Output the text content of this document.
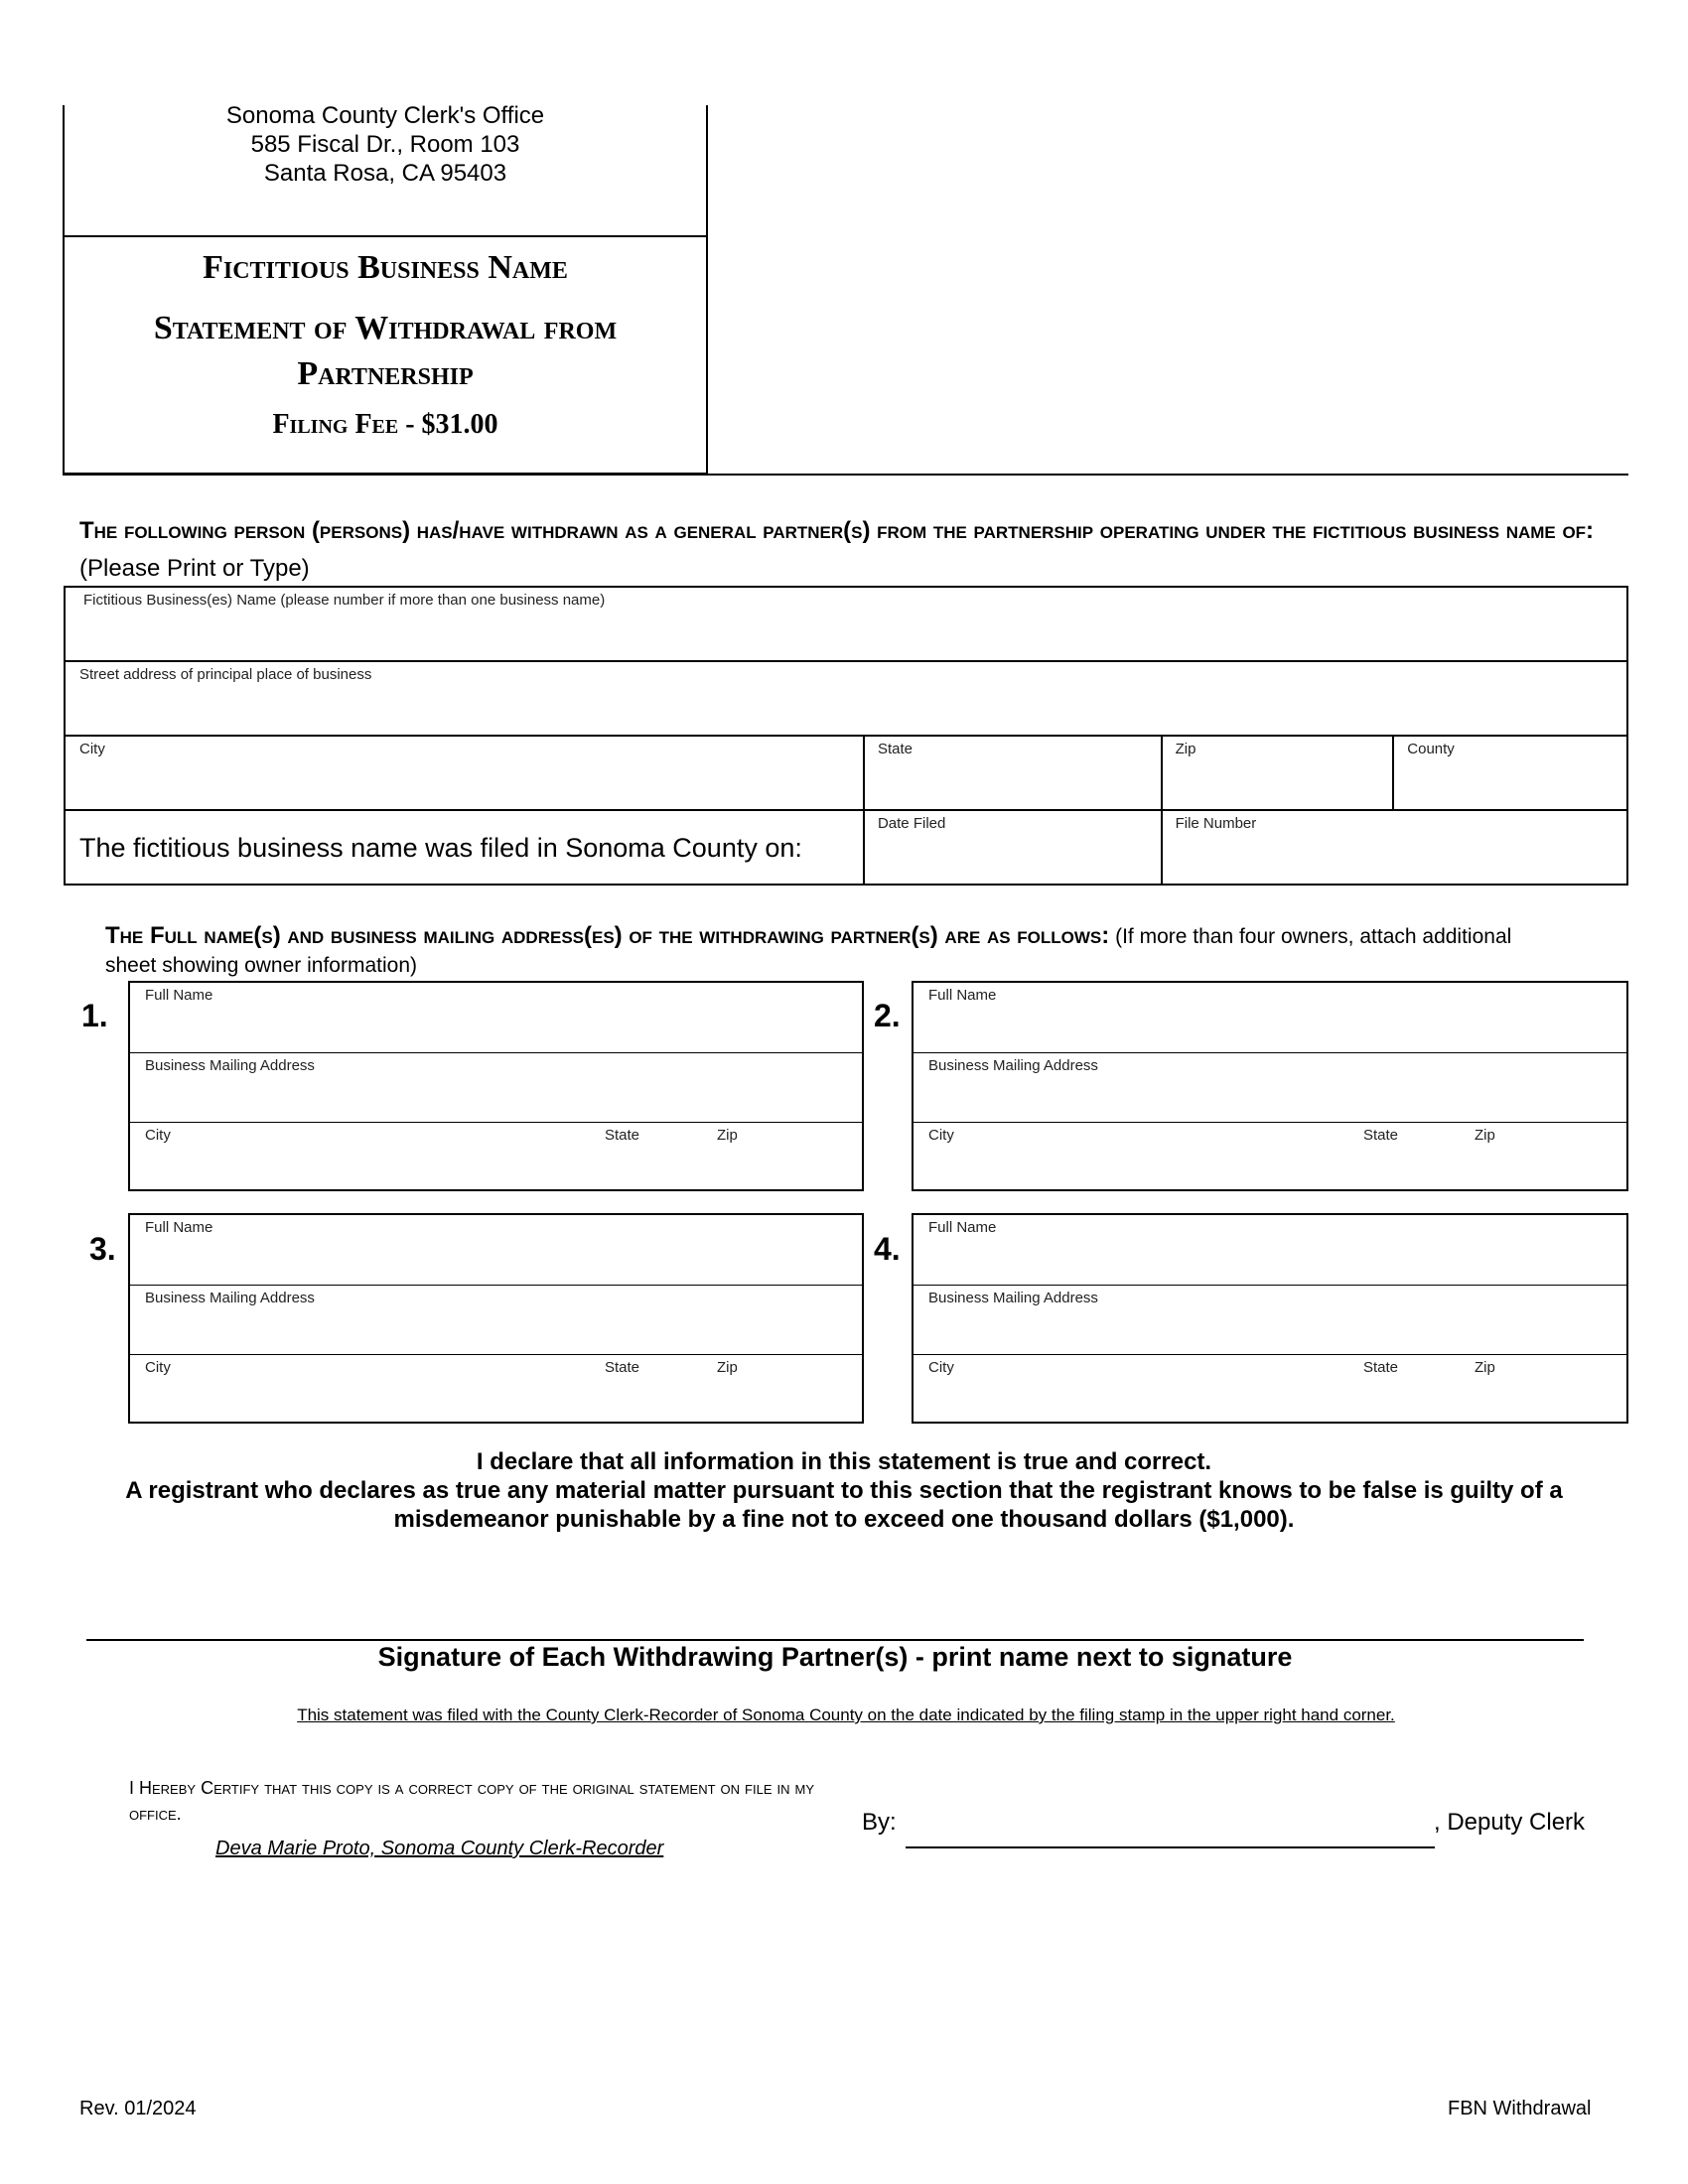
Sonoma County Clerk's Office
585 Fiscal Dr., Room 103
Santa Rosa, CA 95403
Fictitious Business Name
Statement of Withdrawal from Partnership
Filing Fee - $31.00
The following person (persons) has/have withdrawn as a general partner(s) from the partnership operating under the fictitious business name of: (Please Print or Type)
Fictitious Business(es) Name (please number if more than one business name)			

Street address of principal place of business			

City	State	Zip	County

The fictitious business name was filed in Sonoma County on:	Date Filed	File Number	
The Full name(s) and business mailing address(es) of the withdrawing partner(s) are as follows: (If more than four owners, attach additional sheet showing owner information)
1.
Full Name
Business Mailing Address
City	State	Zip
2.
Full Name
Business Mailing Address
City	State	Zip
3.
Full Name
Business Mailing Address
City	State	Zip
4.
Full Name
Business Mailing Address
City	State	Zip
I declare that all information in this statement is true and correct.
A registrant who declares as true any material matter pursuant to this section that the registrant knows to be false is guilty of a misdemeanor punishable by a fine not to exceed one thousand dollars ($1,000).
Signature of Each Withdrawing Partner(s) - print name next to signature
This statement was filed with the County Clerk-Recorder of Sonoma County on the date indicated by the filing stamp in the upper right hand corner.
I Hereby Certify that this copy is a correct copy of the original statement on file in my office.
Deva Marie Proto, Sonoma County Clerk-Recorder
By:	, Deputy Clerk
Rev. 01/2024	FBN Withdrawal
